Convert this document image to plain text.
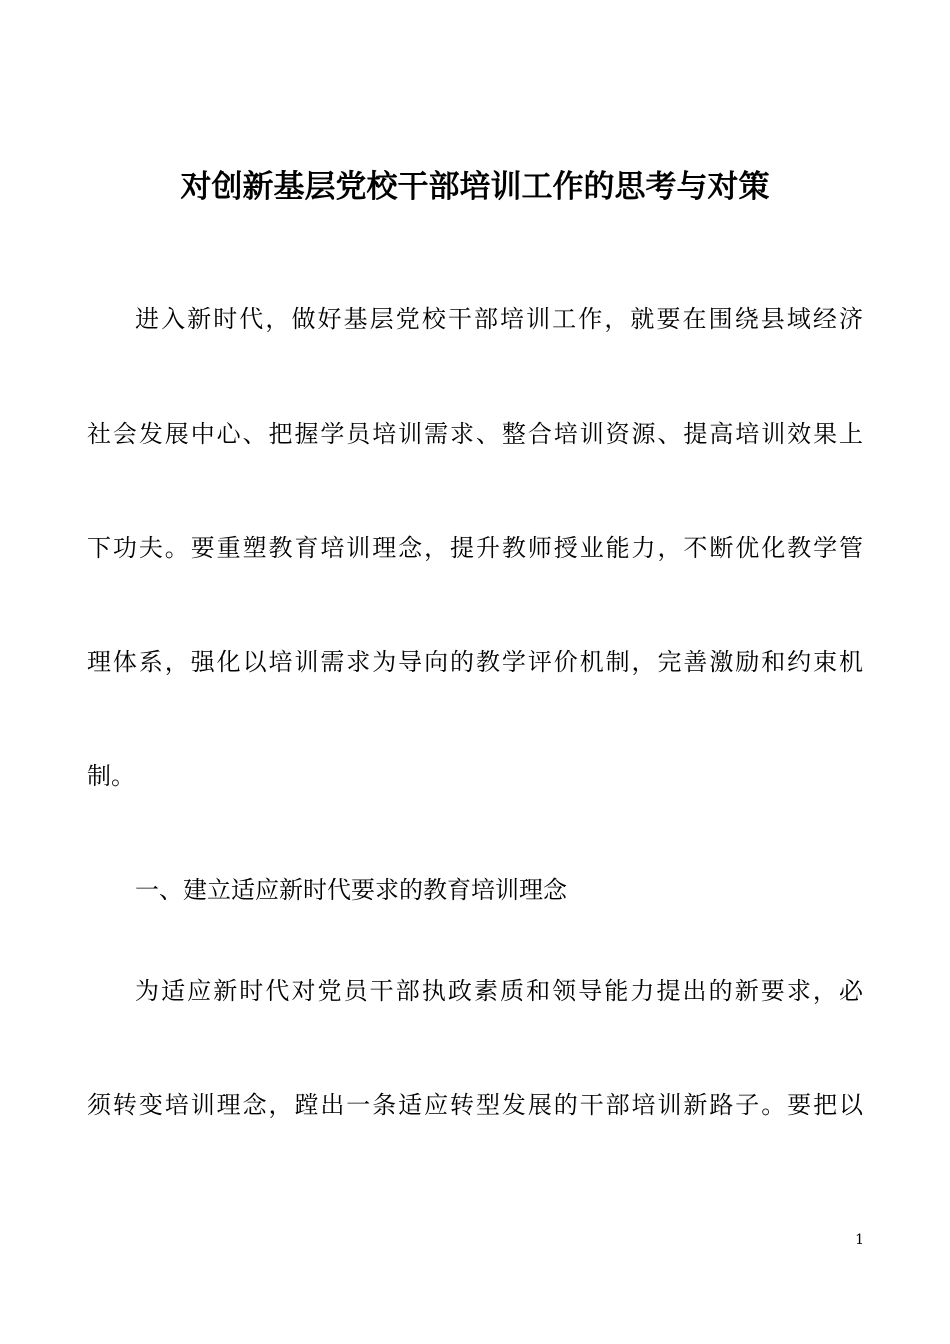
对创新基层党校干部培训工作的思考与对策
进入新时代，做好基层党校干部培训工作，就要在围绕县域经济
社会发展中心、把握学员培训需求、整合培训资源、提高培训效果上
下功夫。要重塑教育培训理念，提升教师授业能力，不断优化教学管
理体系，强化以培训需求为导向的教学评价机制，完善激励和约束机
制。
一、建立适应新时代要求的教育培训理念
为适应新时代对党员干部执政素质和领导能力提出的新要求，必
须转变培训理念，蹚出一条适应转型发展的干部培训新路子。要把以
1
